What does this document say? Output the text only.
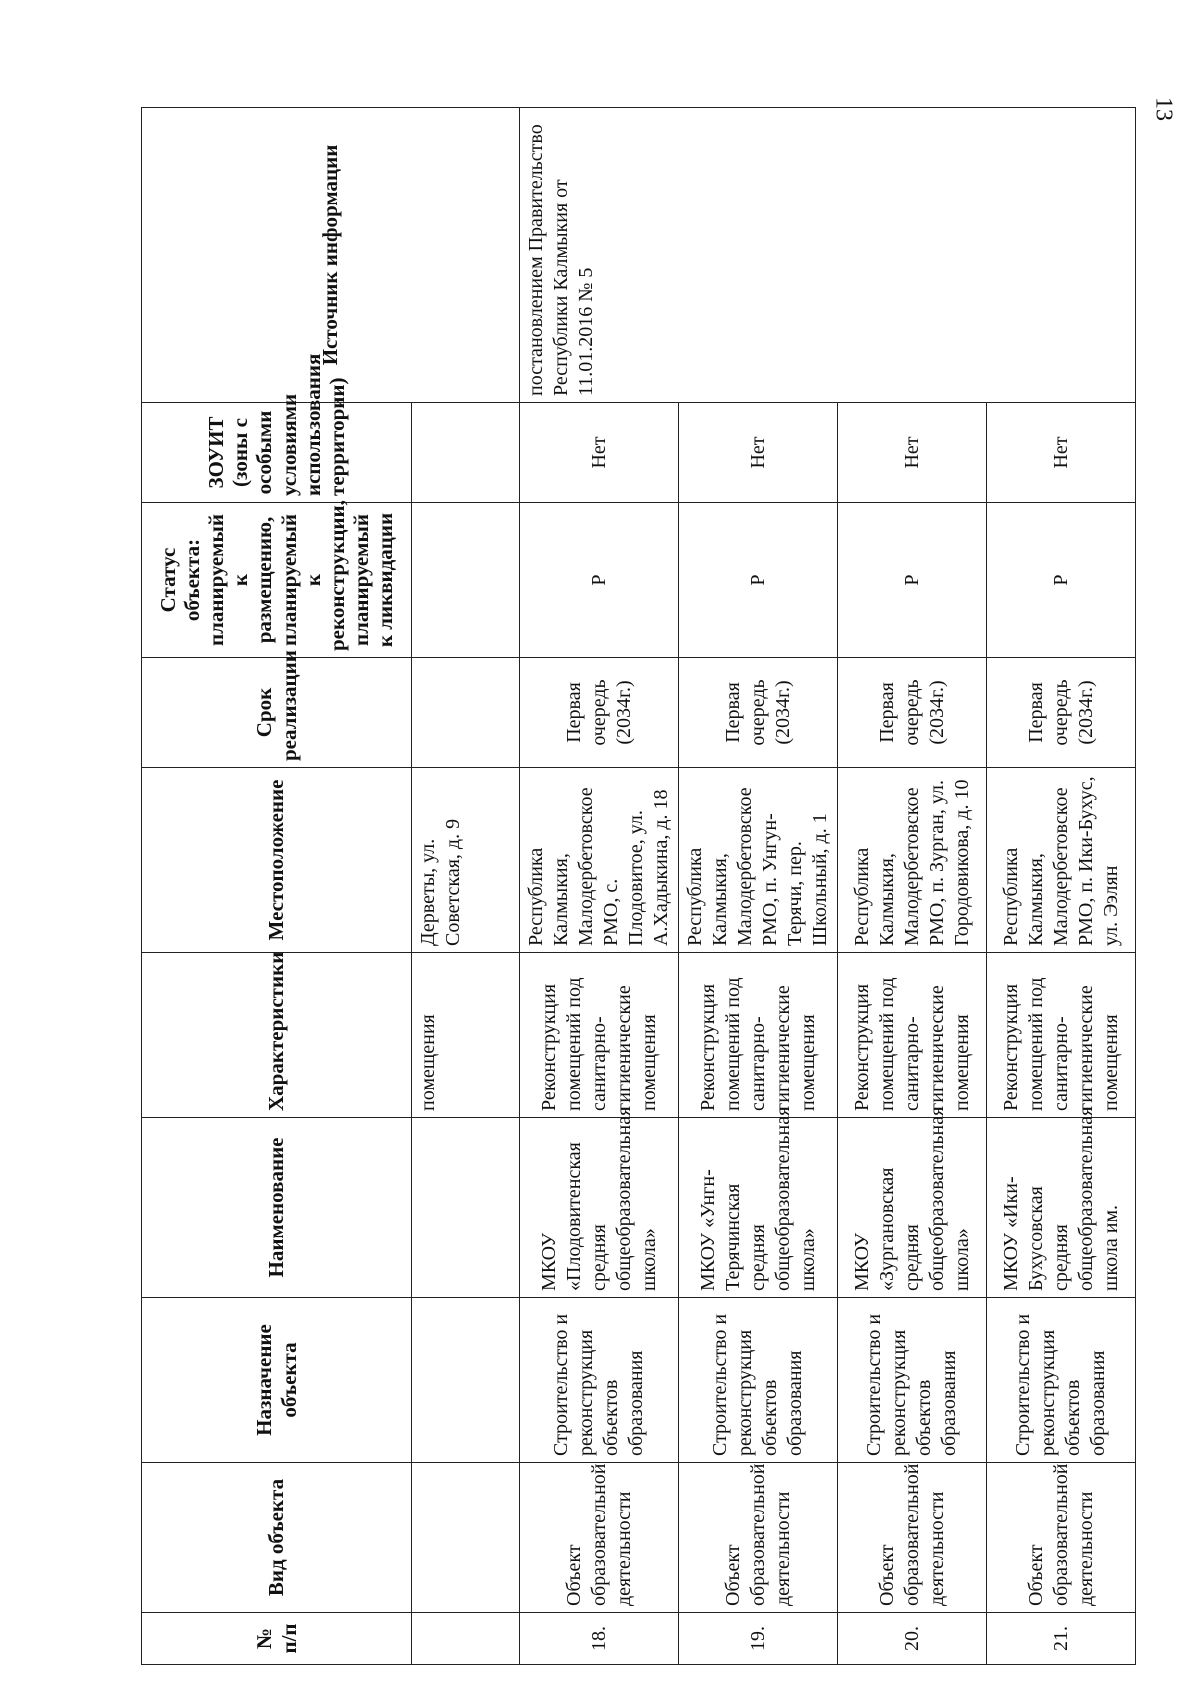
13
№ п/п	Вид объекта	Назначение объекта	Наименование	Характеристики	Местоположение	Срок реализации	Статус объекта: планируемый к размещению, планируемый к реконструкции, планируемый к ликвидации	ЗОУИТ (зоны с особыми условиями использования территории)	Источник информации
				помещения	Дерветы, ул. Советская, д. 9				
18.	Объект образовательной деятельности	Строительство и реконструкция объектов образования	МКОУ «Плодовитенская средняя общеобразовательная школа»	Реконструкция помещений под санитарно-гигиенические помещения	Республика Калмыкия, Малодербетовское РМО, с. Плодовитое, ул. А.Хадыкина, д. 18	Первая очередь (2034г.)	Р	Нет	постановлением Правительство Республики Калмыкия от 11.01.2016 № 5
19.	Объект образовательной деятельности	Строительство и реконструкция объектов образования	МКОУ «Унгн-Терячинская средняя общеобразовательная школа»	Реконструкция помещений под санитарно-гигиенические помещения	Республика Калмыкия, Малодербетовское РМО, п. Унгун-Терячи, пер. Школьный, д. 1	Первая очередь (2034г.)	Р	Нет	
20.	Объект образовательной деятельности	Строительство и реконструкция объектов образования	МКОУ «Зургановская средняя общеобразовательная школа»	Реконструкция помещений под санитарно-гигиенические помещения	Республика Калмыкия, Малодербетовское РМО, п. Зурган, ул. Городовикова, д. 10	Первая очередь (2034г.)	Р	Нет	
21.	Объект образовательной деятельности	Строительство и реконструкция объектов образования	МКОУ «Ики-Бухусовская средняя общеобразовательная школа им.	Реконструкция помещений под санитарно-гигиенические помещения	Республика Калмыкия, Малодербетовское РМО, п. Ики-Бухус, ул. Ээлян	Первая очередь (2034г.)	Р	Нет	
